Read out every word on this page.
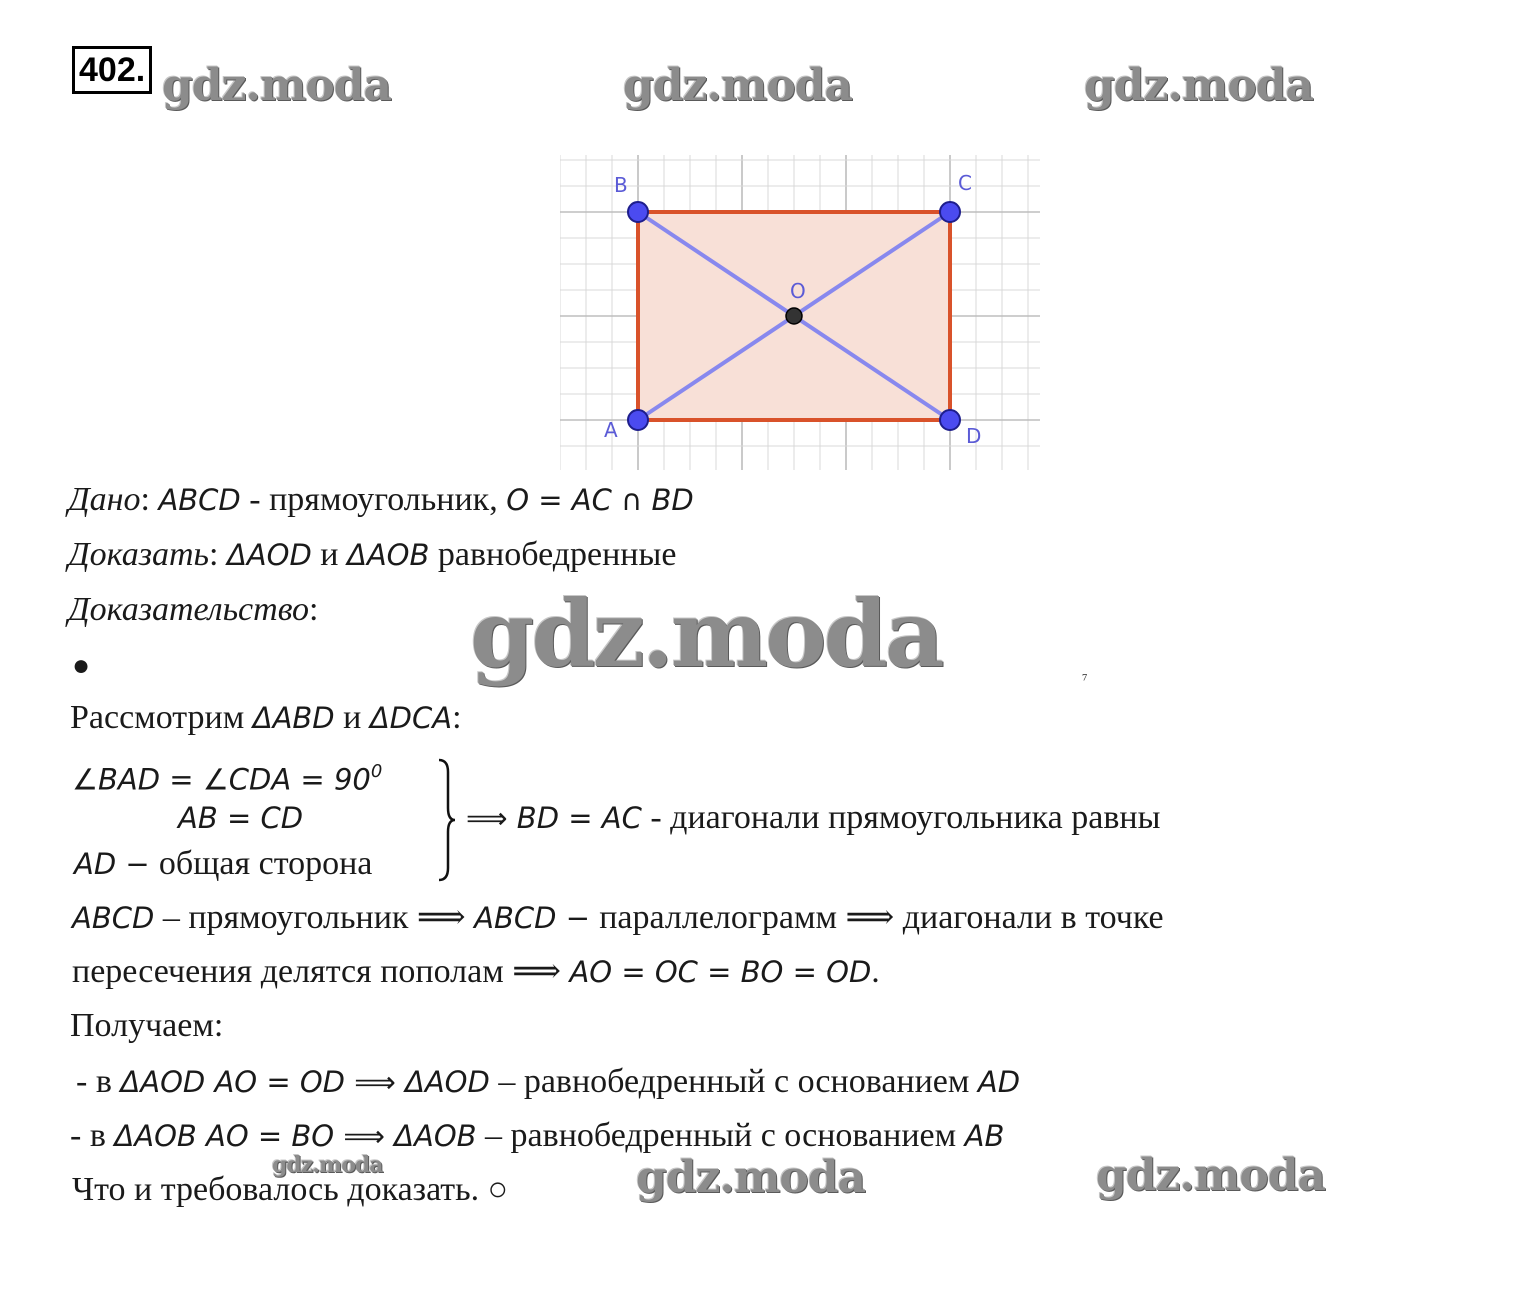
402. gdz.moda	gdz.moda	gdz.moda
B	C
O
A	D
Дано: ABCD - прямоугольник, O = AC ∩ BD
Доказать: ΔAOD и ΔAOB равнобедренные
Доказательство: gdz.moda
●	⁷
Рассмотрим ΔABD и ΔDCA:
∠BAD = ∠CDA = $90^0$
AB = CD
AD − общая сторона
⟹ BD = AC - диагонали прямоугольника равны
ABCD – прямоугольник ⟹ ABCD − параллелограмм ⟹ диагонали в точке
пересечения делятся пополам ⟹ AO = OC = BO = OD.
Получаем:
- в ΔAOD AO = OD ⟹ ΔAOD – равнобедренный с основанием AD
- в ΔAOB AO = BO ⟹ ΔAOB – равнобедренный с основанием AB
gdz.moda
Что и требовалось доказать. ○	gdz.moda	gdz.moda
